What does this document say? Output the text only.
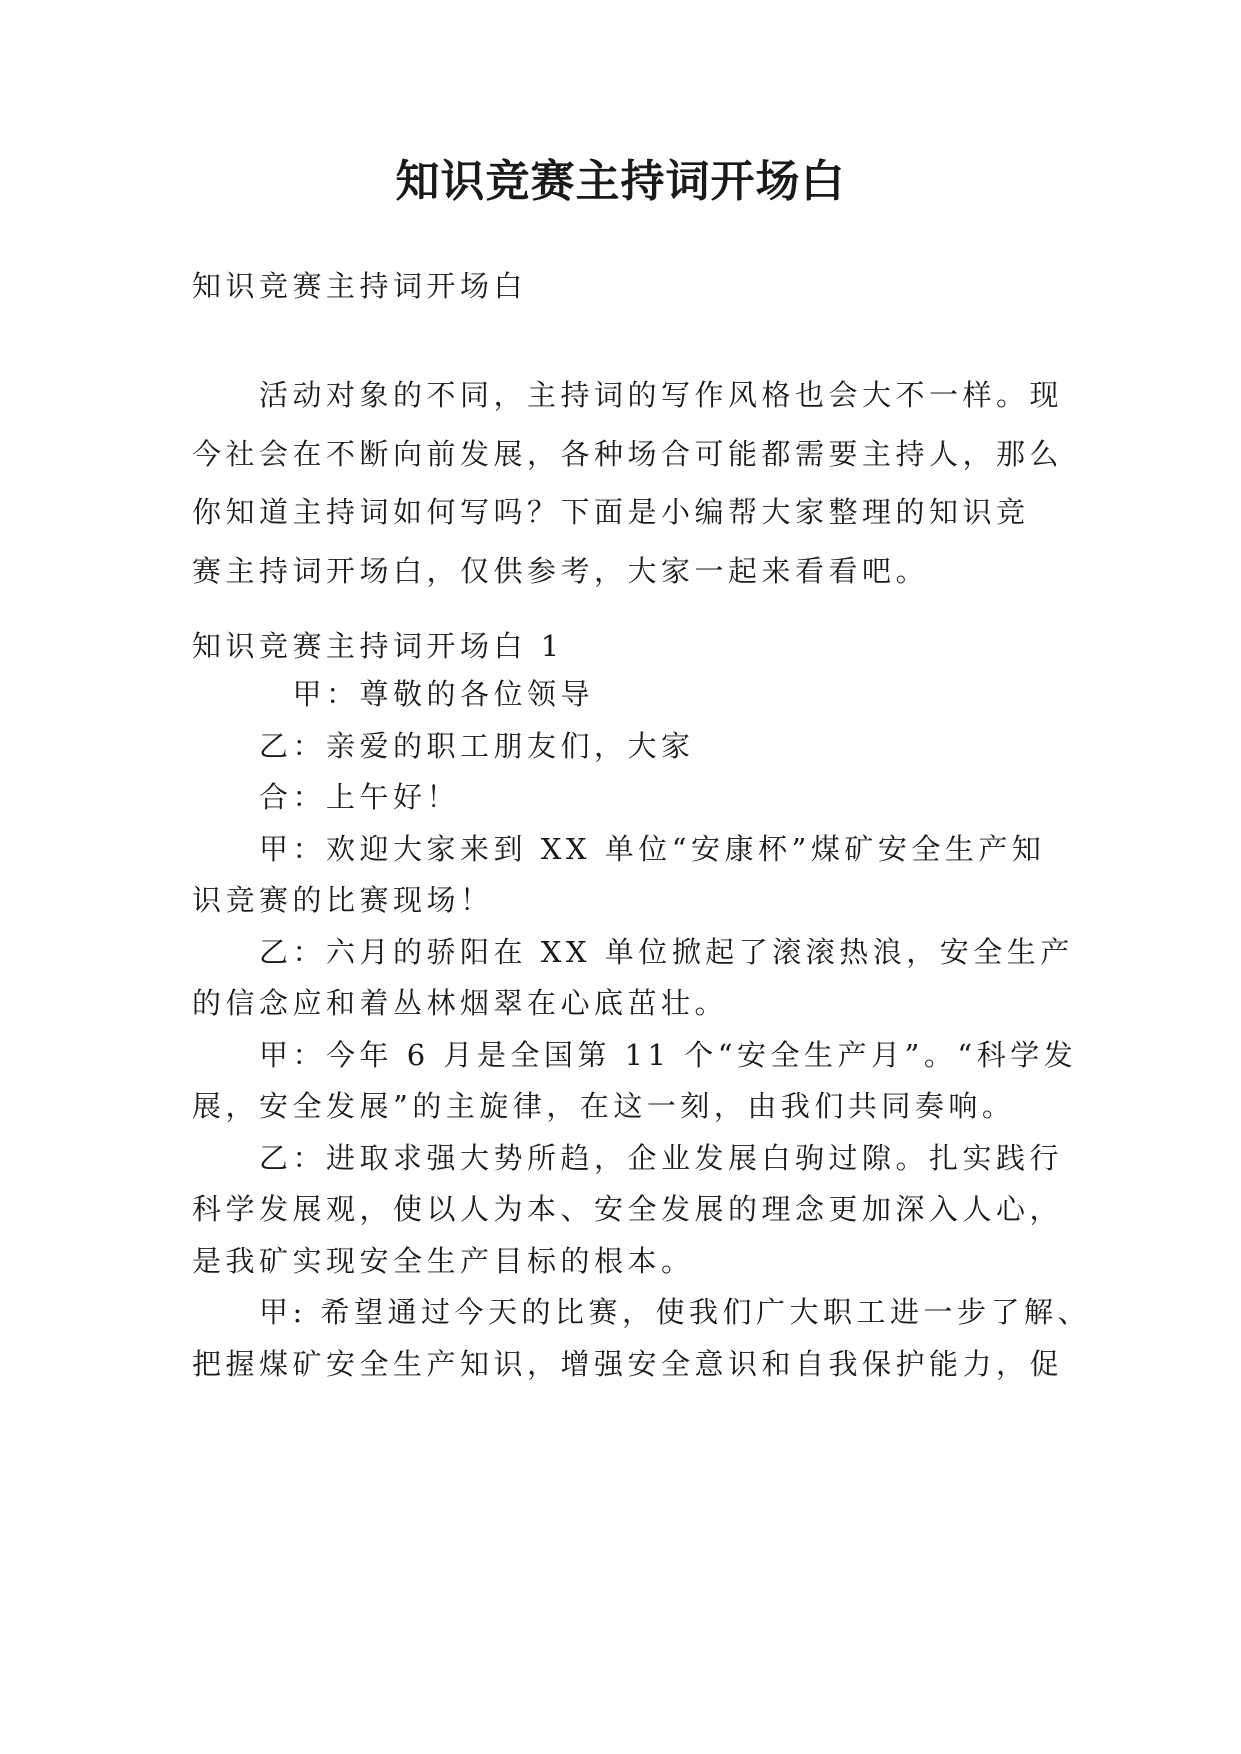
知识竞赛主持词开场白

知识竞赛主持词开场白

　　活动对象的不同，主持词的写作风格也会大不一样。现
今社会在不断向前发展，各种场合可能都需要主持人，那么
你知道主持词如何写吗？下面是小编帮大家整理的知识竞
赛主持词开场白，仅供参考，大家一起来看看吧。

知识竞赛主持词开场白 1

　　　甲：尊敬的各位领导
　　乙：亲爱的职工朋友们，大家
　　合：上午好！
　　甲：欢迎大家来到 XX 单位“安康杯”煤矿安全生产知
识竞赛的比赛现场！
　　乙：六月的骄阳在 XX 单位掀起了滚滚热浪，安全生产
的信念应和着丛林烟翠在心底茁壮。
　　甲：今年 6 月是全国第 11 个“安全生产月”。“科学发
展，安全发展”的主旋律，在这一刻，由我们共同奏响。
　　乙：进取求强大势所趋，企业发展白驹过隙。扎实践行
科学发展观，使以人为本、安全发展的理念更加深入人心，
是我矿实现安全生产目标的根本。
　　甲: 希望通过今天的比赛，使我们广大职工进一步了解、
把握煤矿安全生产知识，增强安全意识和自我保护能力，促
